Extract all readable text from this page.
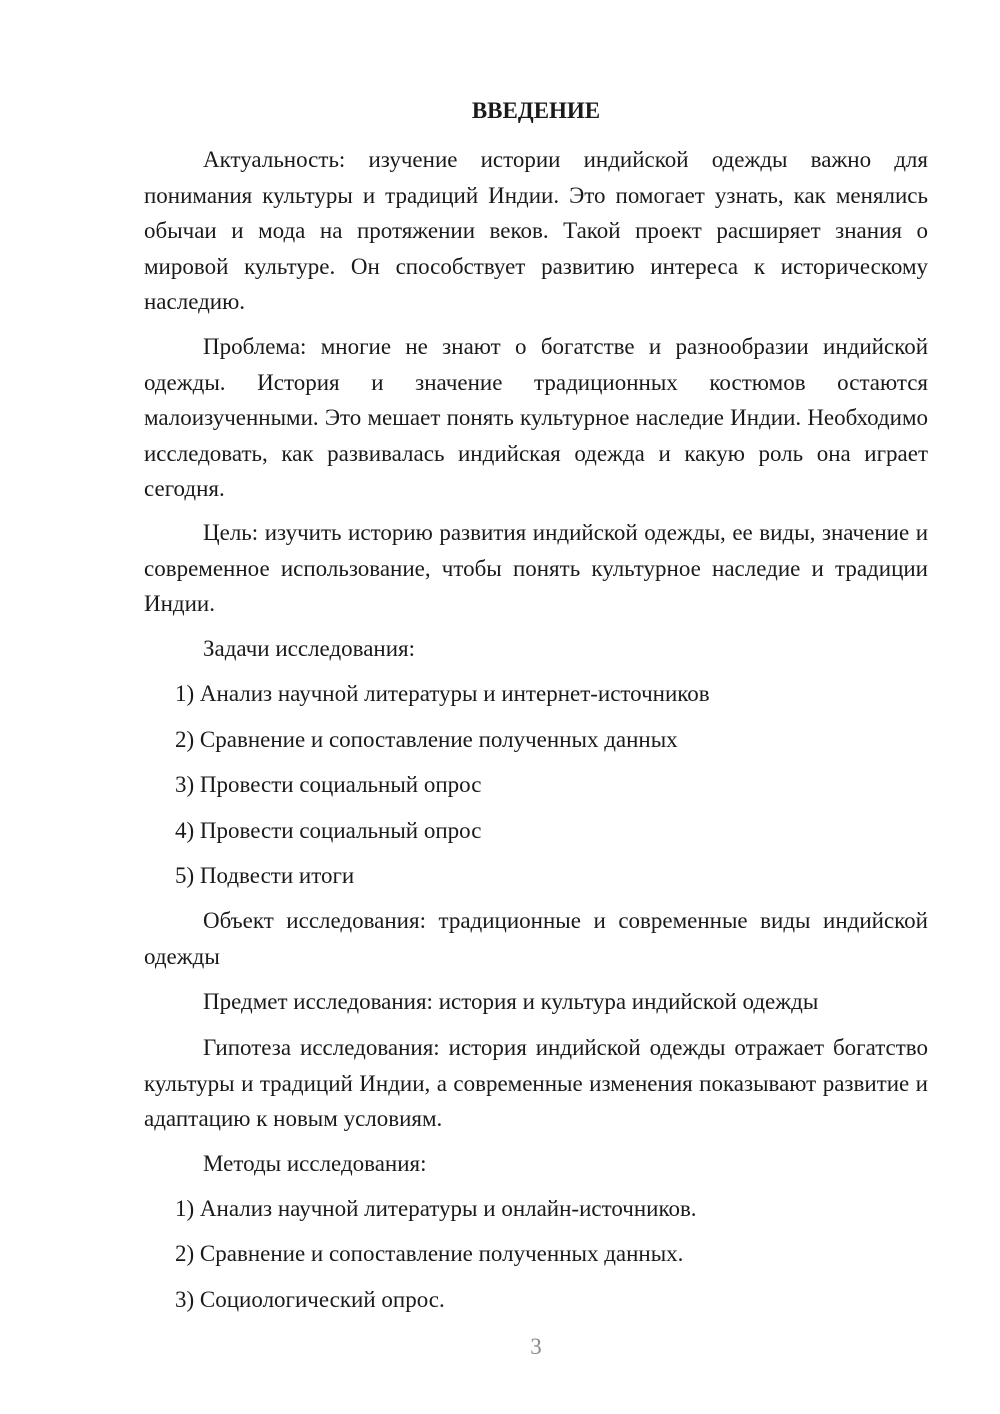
ВВЕДЕНИЕ
Актуальность: изучение истории индийской одежды важно для понимания культуры и традиций Индии. Это помогает узнать, как менялись обычаи и мода на протяжении веков. Такой проект расширяет знания о мировой культуре. Он способствует развитию интереса к историческому наследию.
Проблема: многие не знают о богатстве и разнообразии индийской одежды. История и значение традиционных костюмов остаются малоизученными. Это мешает понять культурное наследие Индии. Необходимо исследовать, как развивалась индийская одежда и какую роль она играет сегодня.
Цель: изучить историю развития индийской одежды, ее виды, значение и современное использование, чтобы понять культурное наследие и традиции Индии.
Задачи исследования:
1) Анализ научной литературы и интернет-источников
2) Сравнение и сопоставление полученных данных
3) Провести социальный опрос
4) Провести социальный опрос
5) Подвести итоги
Объект исследования: традиционные и современные виды индийской одежды
Предмет исследования: история и культура индийской одежды
Гипотеза исследования: история индийской одежды отражает богатство культуры и традиций Индии, а современные изменения показывают развитие и адаптацию к новым условиям.
Методы исследования:
1) Анализ научной литературы и онлайн-источников.
2) Сравнение и сопоставление полученных данных.
3) Социологический опрос.
3
